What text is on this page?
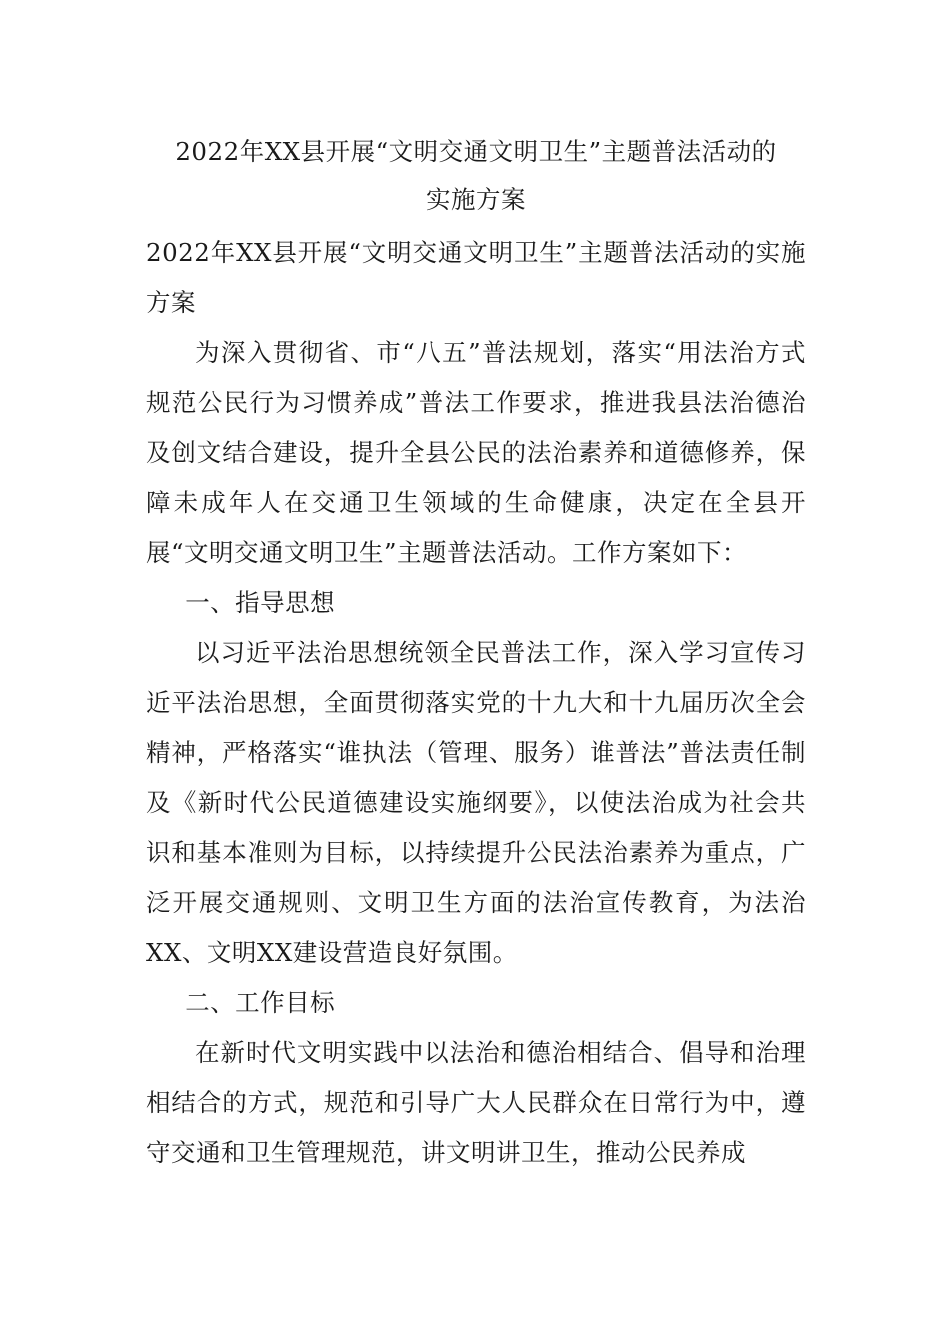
2022年XX县开展“文明交通文明卫生”主题普法活动的
实施方案

2022年XX县开展“文明交通文明卫生”主题普法活动的实施方案

为深入贯彻省、市“八五”普法规划，落实“用法治方式规范公民行为习惯养成”普法工作要求，推进我县法治德治及创文结合建设，提升全县公民的法治素养和道德修养，保障未成年人在交通卫生领域的生命健康，决定在全县开展“文明交通文明卫生”主题普法活动。工作方案如下：

一、指导思想

以习近平法治思想统领全民普法工作，深入学习宣传习近平法治思想，全面贯彻落实党的十九大和十九届历次全会精神，严格落实“谁执法（管理、服务）谁普法”普法责任制及《新时代公民道德建设实施纲要》，以使法治成为社会共识和基本准则为目标，以持续提升公民法治素养为重点，广泛开展交通规则、文明卫生方面的法治宣传教育，为法治XX、文明XX建设营造良好氛围。

二、工作目标

在新时代文明实践中以法治和德治相结合、倡导和治理相结合的方式，规范和引导广大人民群众在日常行为中，遵守交通和卫生管理规范，讲文明讲卫生，推动公民养成
